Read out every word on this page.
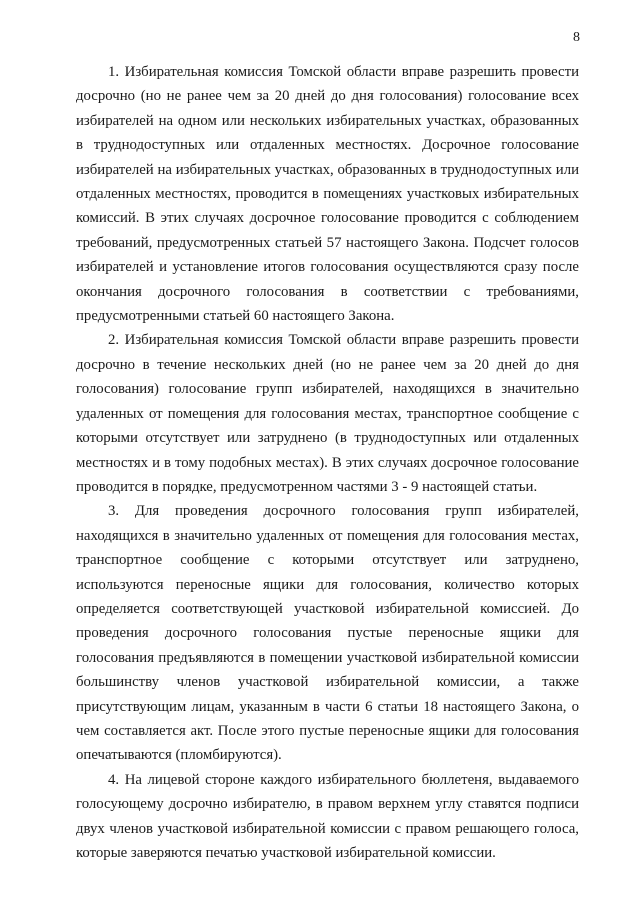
8

1. Избирательная комиссия Томской области вправе разрешить провести досрочно (но не ранее чем за 20 дней до дня голосования) голосование всех избирателей на одном или нескольких избирательных участках, образованных в труднодоступных или отдаленных местностях. Досрочное голосование избирателей на избирательных участках, образованных в труднодоступных или отдаленных местностях, проводится в помещениях участковых избирательных комиссий. В этих случаях досрочное голосование проводится с соблюдением требований, предусмотренных статьей 57 настоящего Закона. Подсчет голосов избирателей и установление итогов голосования осуществляются сразу после окончания досрочного голосования в соответствии с требованиями, предусмотренными статьей 60 настоящего Закона.

2. Избирательная комиссия Томской области вправе разрешить провести досрочно в течение нескольких дней (но не ранее чем за 20 дней до дня голосования) голосование групп избирателей, находящихся в значительно удаленных от помещения для голосования местах, транспортное сообщение с которыми отсутствует или затруднено (в труднодоступных или отдаленных местностях и в тому подобных местах). В этих случаях досрочное голосование проводится в порядке, предусмотренном частями 3 - 9 настоящей статьи.

3. Для проведения досрочного голосования групп избирателей, находящихся в значительно удаленных от помещения для голосования местах, транспортное сообщение с которыми отсутствует или затруднено, используются переносные ящики для голосования, количество которых определяется соответствующей участковой избирательной комиссией. До проведения досрочного голосования пустые переносные ящики для голосования предъявляются в помещении участковой избирательной комиссии большинству членов участковой избирательной комиссии, а также присутствующим лицам, указанным в части 6 статьи 18 настоящего Закона, о чем составляется акт. После этого пустые переносные ящики для голосования опечатываются (пломбируются).

4. На лицевой стороне каждого избирательного бюллетеня, выдаваемого голосующему досрочно избирателю, в правом верхнем углу ставятся подписи двух членов участковой избирательной комиссии с правом решающего голоса, которые заверяются печатью участковой избирательной комиссии.
